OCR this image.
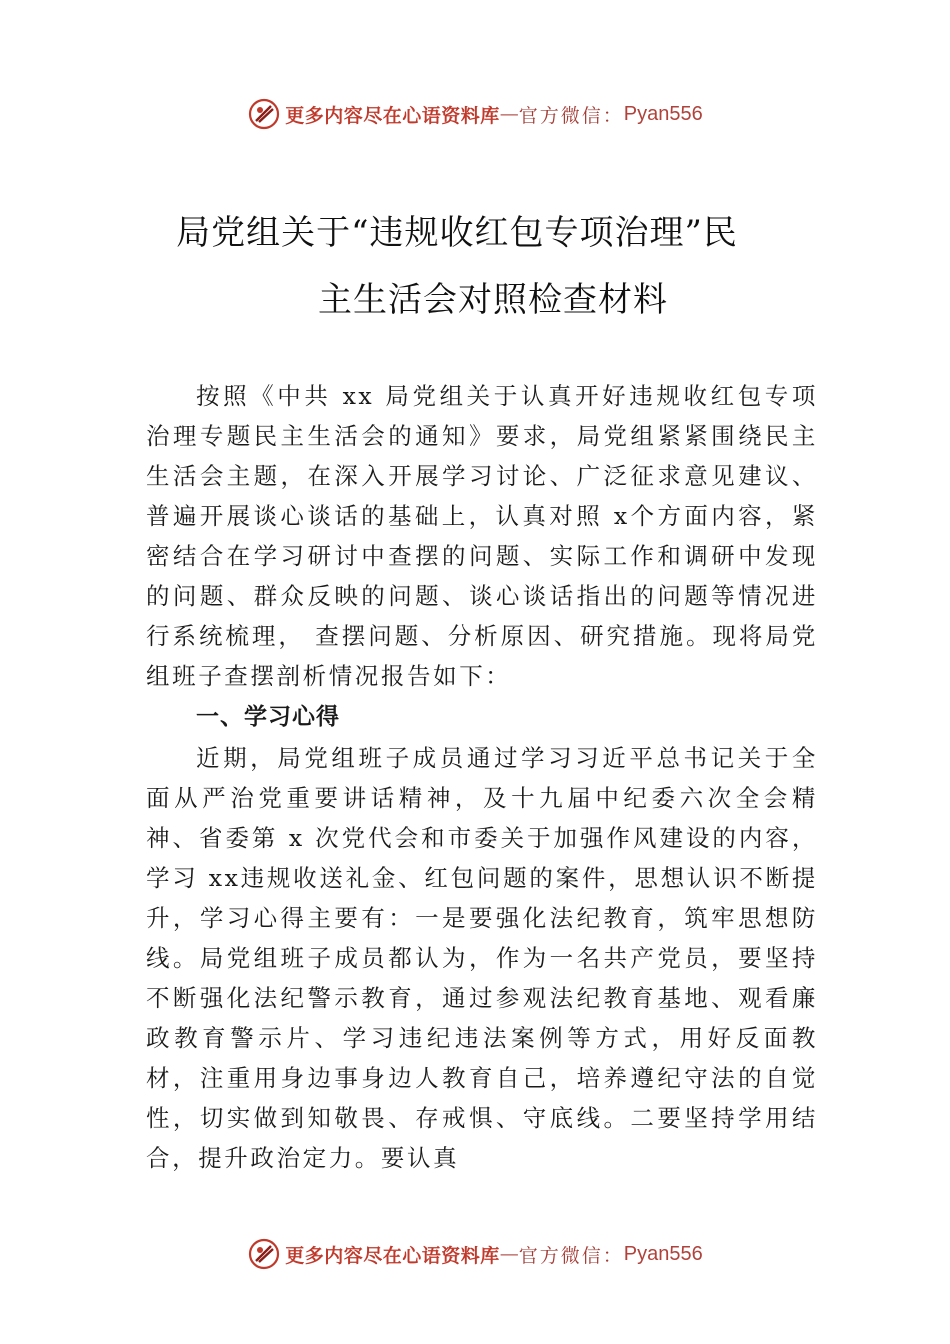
更多内容尽在心语资料库 — 官方微信： Pyan556
局党组关于“违规收红包专项治理”民
主生活会对照检查材料

按照《中共 xx 局党组关于认真开好违规收红包专项治理专题民主生活会的通知》要求，局党组紧紧围绕民主生活会主题，在深入开展学习讨论、广泛征求意见建议、普遍开展谈心谈话的基础上，认真对照 x个方面内容，紧密结合在学习研讨中查摆的问题、实际工作和调研中发现的问题、群众反映的问题、谈心谈话指出的问题等情况进行系统梳理， 查摆问题、分析原因、研究措施。现将局党组班子查摆剖析情况报告如下：

一、学习心得

近期，局党组班子成员通过学习习近平总书记关于全面从严治党重要讲话精神，及十九届中纪委六次全会精神、省委第 x 次党代会和市委关于加强作风建设的内容，学习 xx违规收送礼金、红包问题的案件，思想认识不断提升，学习心得主要有：一是要强化法纪教育，筑牢思想防线。局党组班子成员都认为，作为一名共产党员，要坚持不断强化法纪警示教育，通过参观法纪教育基地、观看廉政教育警示片、学习违纪违法案例等方式，用好反面教材，注重用身边事身边人教育自己，培养遵纪守法的自觉性，切实做到知敬畏、存戒惧、守底线。二要坚持学用结合，提升政治定力。要认真

更多内容尽在心语资料库 — 官方微信： Pyan556
